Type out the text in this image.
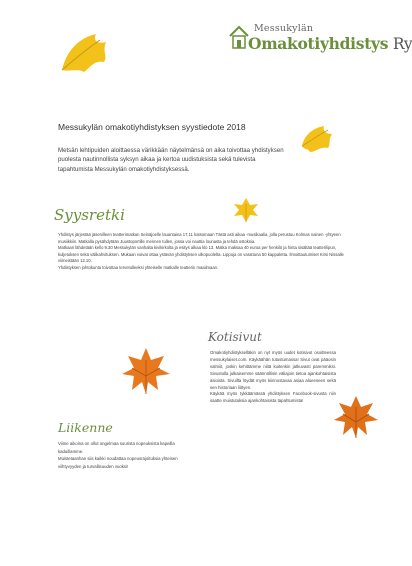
Messukylän
Omakotiyhdistys Ry
Messukylän omakotiyhdistyksen syystiedote 2018
Metsän lehtipuiden aloittaessa värikkään näytelmänsä on aika toivottaa yhdistyksen puolesta nautinnollista syksyn aikaa ja kertoa uudistuksista sekä tulevista tapahtumista Messukylän omakotiyhdistyksessä.
Syysretki

Yhdistys järjestää jäsenilleen teatterimatkan Seinäjoelle lauantaina 17.11 katsomaan Tästä asti aikaa -musikaalia, jolla perustuu Kolmas nainen -yhtyeen musiikkiin. Matkalla pysähdytään Juustoportille mennen tullen, jossa voi nauttia lounasta ja tehdä ostoksia.

Matkaan lähdetään kello 9.30 Messukylän vanhalta kivikirkolta ja esitys alkaa klo 13. Matka maksaa 40 euroa per henkilö ja hinta sisältää teatterilipun, kuljetuksen sekä välikahvituksen. Mukaan voivat ottaa ystävän yhdistyksen ulkopuolelta. Lippuja on varattuna 50 kappaletta. Ilmoittautumiset Kirsi Nissalle viimeistään 12.10.

Yhdistyksen johtokunta toivottaa tervetulleeksi yhteiselle matkalle teatterin maailmaan.

Kotisivut

Omakotiyhdistykselläkin on nyt myös uudet kotisivut osoitteessa messukylaiset.com. Käykäähän tutustumassa! Sivut ovat pääosin valmiit, joskin kehittämme niitä kuitenkin jatkuvasti paremmiksi. Sivustolla julkaisemme säännöllisin väliajoin tietoa ajankohtaisista asioista. Sivuilta löydät myös kiinnostavaa asiaa alueeseen sekä sen historiaan liittyen.

Käykää myös tykkäämässä yhdistyksen Facebook-sivusta niin saatte muistutuksia ajankohtaisista tapahtumista!

Liikenne

Viime aikoina on ollut ongelmaa suurista nopeuksista kapeilla kaduillamme.

Muistetaanhan siis kaikki noudattaa nopeusrajoituksia yhteisen viihtyvyyden ja turvallisuuden vuoksi!
